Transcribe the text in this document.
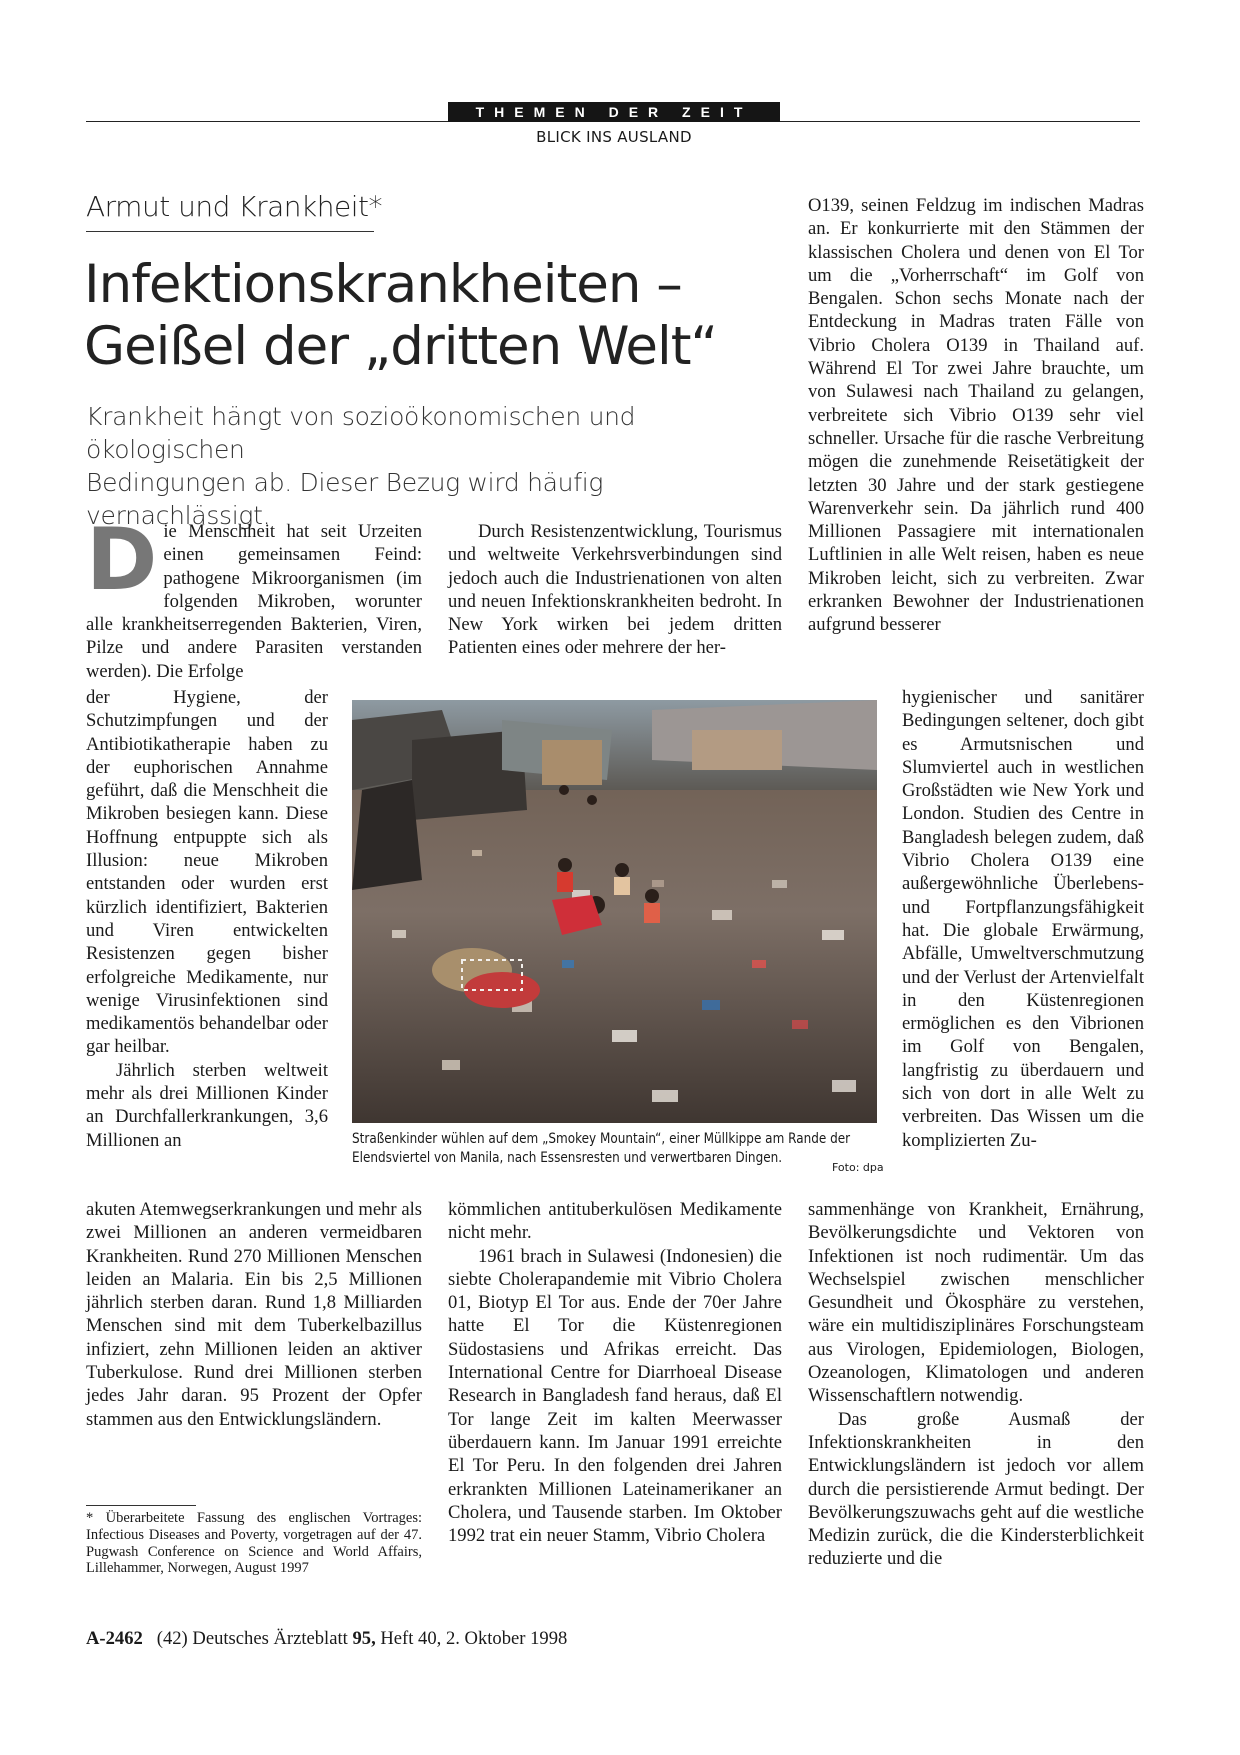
THEMEN DER ZEIT
BLICK INS AUSLAND
Armut und Krankheit*
Infektionskrankheiten –
Geißel der „dritten Welt“
Krankheit hängt von sozioökonomischen und ökologischen
Bedingungen ab. Dieser Bezug wird häufig vernachlässigt.
D ie Menschheit hat seit Urzeiten einen gemeinsamen Feind: pathogene Mikroorganismen (im folgenden Mikroben, worunter alle krankheitserregenden Bakterien, Viren, Pilze und andere Parasiten verstanden werden). Die Erfolge

der Hygiene, der Schutzimpfungen und der Antibiotikatherapie haben zu der euphorischen Annahme geführt, daß die Menschheit die Mikroben besiegen kann. Diese Hoffnung entpuppte sich als Illusion: neue Mikroben entstanden oder wurden erst kürzlich identifiziert, Bakterien und Viren entwickelten Resistenzen gegen bisher erfolgreiche Medikamente, nur wenige Virusinfektionen sind medikamentös behandelbar oder gar heilbar.

Jährlich sterben weltweit mehr als drei Millionen Kinder an Durchfallerkrankungen, 3,6 Millionen an

akuten Atemwegserkrankungen und mehr als zwei Millionen an anderen vermeidbaren Krankheiten. Rund 270 Millionen Menschen leiden an Malaria. Ein bis 2,5 Millionen jährlich sterben daran. Rund 1,8 Milliarden Menschen sind mit dem Tuberkelbazillus infiziert, zehn Millionen leiden an aktiver Tuberkulose. Rund drei Millionen sterben jedes Jahr daran. 95 Prozent der Opfer stammen aus den Entwicklungsländern.

Durch Resistenzentwicklung, Tourismus und weltweite Verkehrsverbindungen sind jedoch auch die Industrienationen von alten und neuen Infektionskrankheiten bedroht. In New York wirken bei jedem dritten Patienten eines oder mehrere der her-

kömmlichen antituberkulösen Medikamente nicht mehr.

1961 brach in Sulawesi (Indonesien) die siebte Cholerapandemie mit Vibrio Cholera 01, Biotyp El Tor aus. Ende der 70er Jahre hatte El Tor die Küstenregionen Südostasiens und Afrikas erreicht. Das International Centre for Diarrhoeal Disease Research in Bangladesh fand heraus, daß El Tor lange Zeit im kalten Meerwasser überdauern kann. Im Januar 1991 erreichte El Tor Peru. In den folgenden drei Jahren erkrankten Millionen Lateinamerikaner an Cholera, und Tausende starben. Im Oktober 1992 trat ein neuer Stamm, Vibrio Cholera

O139, seinen Feldzug im indischen Madras an. Er konkurrierte mit den Stämmen der klassischen Cholera und denen von El Tor um die „Vorherrschaft“ im Golf von Bengalen. Schon sechs Monate nach der Entdeckung in Madras traten Fälle von Vibrio Cholera O139 in Thailand auf. Während El Tor zwei Jahre brauchte, um von Sulawesi nach Thailand zu gelangen, verbreitete sich Vibrio O139 sehr viel schneller. Ursache für die rasche Verbreitung mögen die zunehmende Reisetätigkeit der letzten 30 Jahre und der stark gestiegene Warenverkehr sein. Da jährlich rund 400 Millionen Passagiere mit internationalen Luftlinien in alle Welt reisen, haben es neue Mikroben leicht, sich zu verbreiten. Zwar erkranken Bewohner der Industrienationen aufgrund besserer

hygienischer und sanitärer Bedingungen seltener, doch gibt es Armutsnischen und Slumviertel auch in westlichen Großstädten wie New York und London. Studien des Centre in Bangladesh belegen zudem, daß Vibrio Cholera O139 eine außergewöhnliche Überlebens- und Fortpflanzungsfähigkeit hat. Die globale Erwärmung, Abfälle, Umweltverschmutzung und der Verlust der Artenvielfalt in den Küstenregionen ermöglichen es den Vibrionen im Golf von Bengalen, langfristig zu überdauern und sich von dort in alle Welt zu verbreiten. Das Wissen um die komplizierten Zu-

sammenhänge von Krankheit, Ernährung, Bevölkerungsdichte und Vektoren von Infektionen ist noch rudimentär. Um das Wechselspiel zwischen menschlicher Gesundheit und Ökosphäre zu verstehen, wäre ein multidisziplinäres Forschungsteam aus Virologen, Epidemiologen, Biologen, Ozeanologen, Klimatologen und anderen Wissenschaftlern notwendig.

Das große Ausmaß der Infektionskrankheiten in den Entwicklungsländern ist jedoch vor allem durch die persistierende Armut bedingt. Der Bevölkerungszuwachs geht auf die westliche Medizin zurück, die die Kindersterblichkeit reduzierte und die

Straßenkinder wühlen auf dem „Smokey Mountain“, einer Müllkippe am Rande der
Elendsviertel von Manila, nach Essensresten und verwertbaren Dingen.
Foto: dpa
* Überarbeitete Fassung des englischen Vortrages: Infectious Diseases and Poverty, vorgetragen auf der 47. Pugwash Conference on Science and World Affairs, Lillehammer, Norwegen, August 1997
A-2462 (42) Deutsches Ärzteblatt 95, Heft 40, 2. Oktober 1998
